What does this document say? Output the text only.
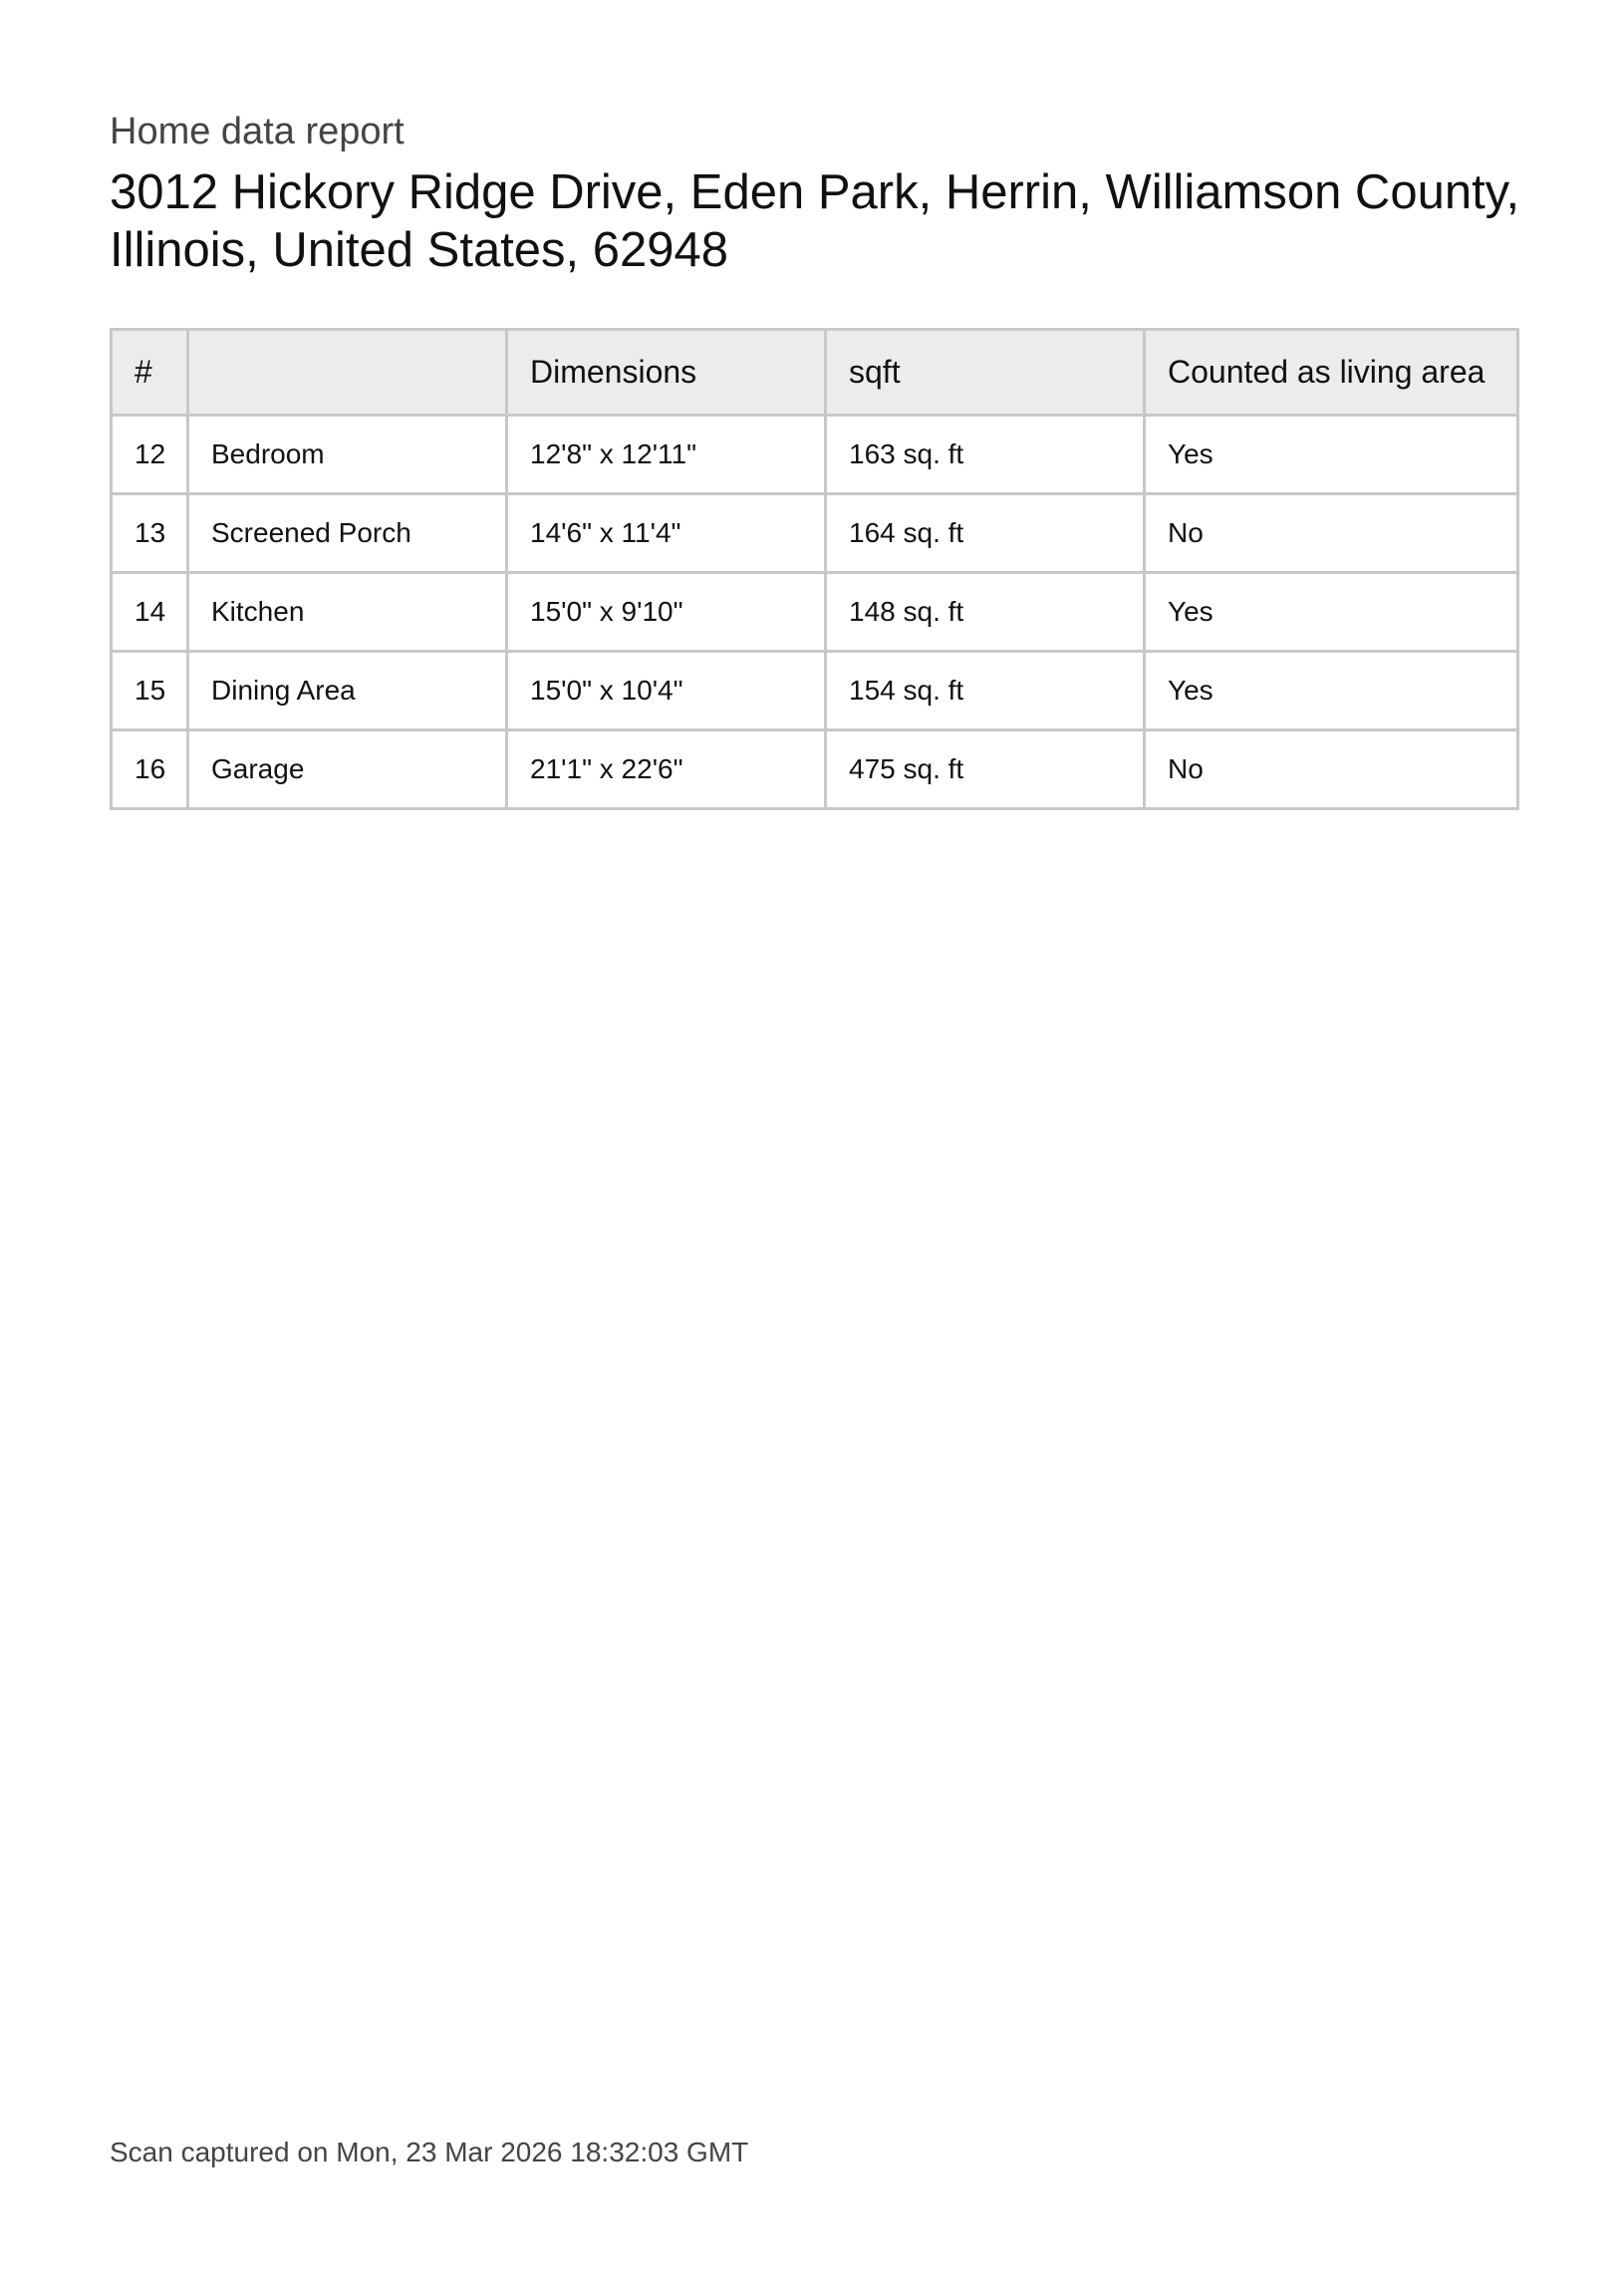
Home data report
3012 Hickory Ridge Drive, Eden Park, Herrin, Williamson County, Illinois, United States, 62948
#		Dimensions	sqft	Counted as living area
12	Bedroom	12'8" x 12'11"	163 sq. ft	Yes
13	Screened Porch	14'6" x 11'4"	164 sq. ft	No
14	Kitchen	15'0" x 9'10"	148 sq. ft	Yes
15	Dining Area	15'0" x 10'4"	154 sq. ft	Yes
16	Garage	21'1" x 22'6"	475 sq. ft	No
Scan captured on Mon, 23 Mar 2026 18:32:03 GMT
